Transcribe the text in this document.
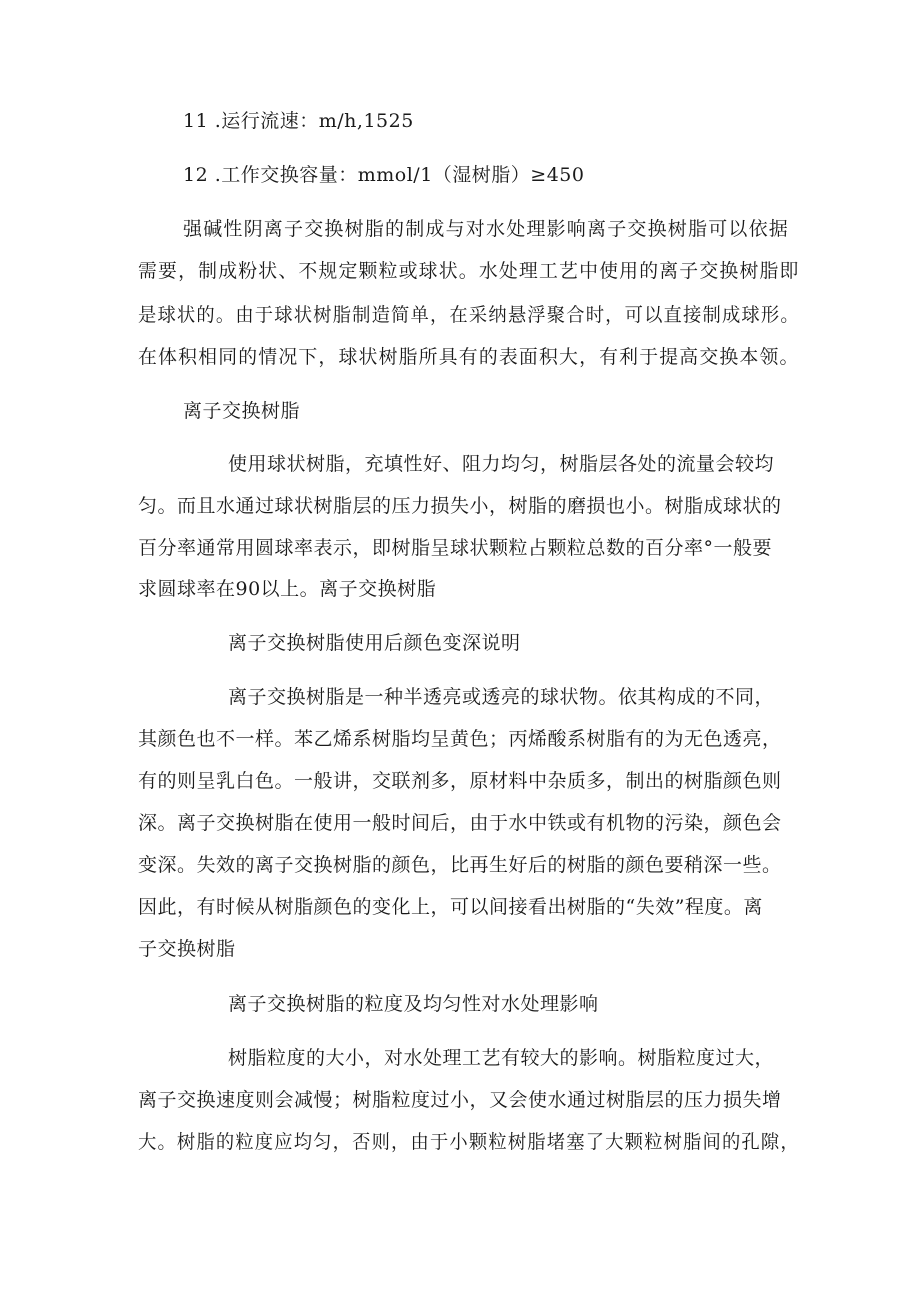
11 .运行流速：m/h,1525
12 .工作交换容量：mmol/1（湿树脂）≥450
强碱性阴离子交换树脂的制成与对水处理影响离子交换树脂可以依据
需要，制成粉状、不规定颗粒或球状。水处理工艺中使用的离子交换树脂即
是球状的。由于球状树脂制造简单，在采纳悬浮聚合时，可以直接制成球形。
在体积相同的情况下，球状树脂所具有的表面积大，有利于提高交换本领。
离子交换树脂
使用球状树脂，充填性好、阻力均匀，树脂层各处的流量会较均
匀。而且水通过球状树脂层的压力损失小，树脂的磨损也小。树脂成球状的
百分率通常用圆球率表示，即树脂呈球状颗粒占颗粒总数的百分率°一般要
求圆球率在90以上。离子交换树脂
离子交换树脂使用后颜色变深说明
离子交换树脂是一种半透亮或透亮的球状物。依其构成的不同，
其颜色也不一样。苯乙烯系树脂均呈黄色；丙烯酸系树脂有的为无色透亮，
有的则呈乳白色。一般讲，交联剂多，原材料中杂质多，制出的树脂颜色则
深。离子交换树脂在使用一般时间后，由于水中铁或有机物的污染，颜色会
变深。失效的离子交换树脂的颜色，比再生好后的树脂的颜色要稍深一些。
因此，有时候从树脂颜色的变化上，可以间接看出树脂的“失效”程度。离
子交换树脂
离子交换树脂的粒度及均匀性对水处理影响
树脂粒度的大小，对水处理工艺有较大的影响。树脂粒度过大，
离子交换速度则会减慢；树脂粒度过小，又会使水通过树脂层的压力损失增
大。树脂的粒度应均匀，否则，由于小颗粒树脂堵塞了大颗粒树脂间的孔隙，
